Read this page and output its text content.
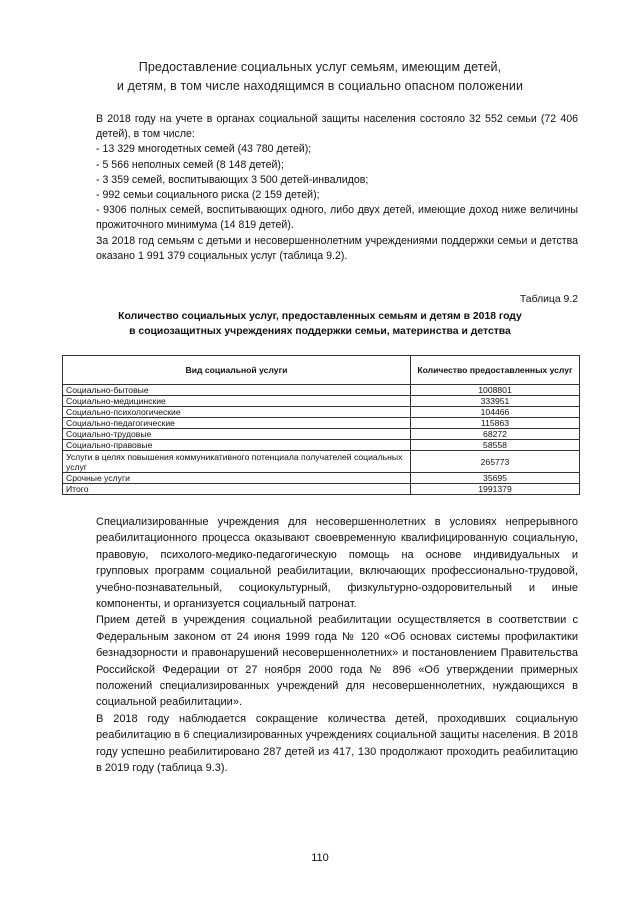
Предоставление социальных услуг семьям, имеющим детей,
и детям, в том числе находящимся в социально опасном положении
В 2018 году на учете в органах социальной защиты населения состояло 32 552 семьи (72 406 детей), в том числе:
- 13 329 многодетных семей (43 780 детей);
- 5 566 неполных семей (8 148 детей);
- 3 359 семей, воспитывающих 3 500 детей-инвалидов;
- 992 семьи социального риска (2 159 детей);
- 9306 полных семей, воспитывающих одного, либо двух детей, имеющие доход ниже величины прожиточного минимума (14 819 детей).
За 2018 год семьям с детьми и несовершеннолетним учреждениями поддержки семьи и детства оказано 1 991 379 социальных услуг (таблица 9.2).
Таблица 9.2
Количество социальных услуг, предоставленных семьям и детям в 2018 году
в социозащитных учреждениях поддержки семьи, материнства и детства
Вид социальной услуги	Количество предоставленных услуг
Социально-бытовые	1008801
Социально-медицинские	333951
Социально-психологические	104466
Социально-педагогические	115863
Социально-трудовые	68272
Социально-правовые	58558
Услуги в целях повышения коммуникативного потенциала получателей социальных услуг	265773
Срочные услуги	35695
Итого	1991379
Специализированные учреждения для несовершеннолетних в условиях непрерывного реабилитационного процесса оказывают своевременную квалифицированную социальную, правовую, психолого-медико-педагогическую помощь на основе индивидуальных и групповых программ социальной реабилитации, включающих профессионально-трудовой, учебно-познавательный, социокультурный, физкультурно-оздоровительный и иные компоненты, и организуется социальный патронат.
Прием детей в учреждения социальной реабилитации осуществляется в соответствии с Федеральным законом от 24 июня 1999 года № 120 «Об основах системы профилактики безнадзорности и правонарушений несовершеннолетних» и постановлением Правительства Российской Федерации от 27 ноября 2000 года № 896 «Об утверждении примерных положений специализированных учреждений для несовершеннолетних, нуждающихся в социальной реабилитации».
В 2018 году наблюдается сокращение количества детей, проходивших социальную реабилитацию в 6 специализированных учреждениях социальной защиты населения. В 2018 году успешно реабилитировано 287 детей из 417, 130 продолжают проходить реабилитацию в 2019 году (таблица 9.3).
110
